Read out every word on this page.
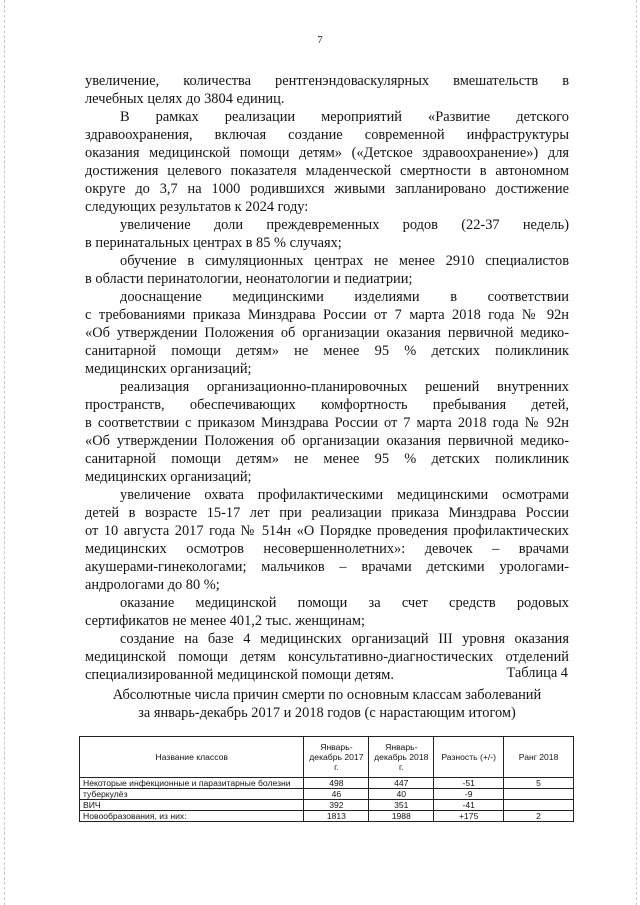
7
увеличение, количества рентгенэндоваскулярных вмешательств в
лечебных целях до 3804 единиц.
В рамках реализации мероприятий «Развитие детского
здравоохранения, включая создание современной инфраструктуры
оказания медицинской помощи детям» («Детское здравоохранение») для
достижения целевого показателя младенческой смертности в автономном
округе до 3,7 на 1000 родившихся живыми запланировано достижение
следующих результатов к 2024 году:
увеличение доли преждевременных родов (22-37 недель)
в перинатальных центрах в 85 % случаях;
обучение в симуляционных центрах не менее 2910 специалистов
в области перинатологии, неонатологии и педиатрии;
дооснащение медицинскими изделиями в соответствии
с требованиями приказа Минздрава России от 7 марта 2018 года № 92н
«Об утверждении Положения об организации оказания первичной медико-
санитарной помощи детям» не менее 95 % детских поликлиник
медицинских организаций;
реализация организационно-планировочных решений внутренних
пространств, обеспечивающих комфортность пребывания детей,
в соответствии с приказом Минздрава России от 7 марта 2018 года № 92н
«Об утверждении Положения об организации оказания первичной медико-
санитарной помощи детям» не менее 95 % детских поликлиник
медицинских организаций;
увеличение охвата профилактическими медицинскими осмотрами
детей в возрасте 15-17 лет при реализации приказа Минздрава России
от 10 августа 2017 года № 514н «О Порядке проведения профилактических
медицинских осмотров несовершеннолетних»: девочек – врачами
акушерами-гинекологами; мальчиков – врачами детскими урологами-
андрологами до 80 %;
оказание медицинской помощи за счет средств родовых
сертификатов не менее 401,2 тыс. женщинам;
создание на базе 4 медицинских организаций III уровня оказания
медицинской помощи детям консультативно-диагностических отделений
специализированной медицинской помощи детям.	Таблица 4
Абсолютные числа причин смерти по основным классам заболеваний
за январь-декабрь 2017 и 2018 годов (с нарастающим итогом)
Название классов	Январь-декабрь 2017 г.	Январь-декабрь 2018 г.	Разность (+/-)	Ранг 2018
Некоторые инфекционные и паразитарные болезни	498	447	-51	5
туберкулёз	46	40	-9	
ВИЧ	392	351	-41	
Новообразования, из них:	1813	1988	+175	2
